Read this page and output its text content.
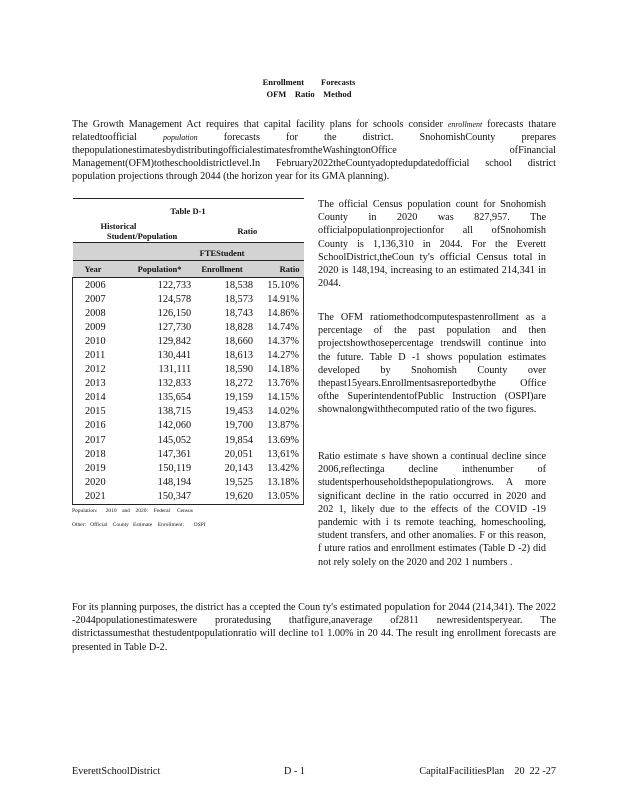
Enrollment        Forecasts
OFM    Ratio    Method

The Growth Management Act requires that capital facility plans for schools consider enrollment forecasts thatare relatedtoofficial population forecasts for the district. SnohomishCounty prepares thepopulationestimatesbydistributingofficialestimatesfromtheWashingtonOffice ofFinancial Management(OFM)totheschooldistrictlevel.In February2022theCountyadoptedupdatedofficial school district population projections through 2044 (the horizon year for its GMA planning).

Table D-1			
Historical    Student/Population		Ratio	
		FTEStudent	
Year	Population*	Enrollment	Ratio
2006	122,733	18,538	15.10%
2007	124,578	18,573	14.91%
2008	126,150	18,743	14.86%
2009	127,730	18,828	14.74%
2010	129,842	18,660	14.37%
2011	130,441	18,613	14.27%
2012	131,111	18,590	14.18%
2013	132,833	18,272	13.76%
2014	135,654	19,159	14.15%
2015	138,715	19,453	14.02%
2016	142,060	19,700	13.87%
2017	145,052	19,854	13.69%
2018	147,361	20,051	13,61%
2019	150,119	20,143	13.42%
2020	148,194	19,525	13.18%
2021	150,347	19,620	13.05%
Population:      2010    and    2020:    Federal     Census
Other:   Official    County   Estimate    Enrollment:       OSPI

The official Census population count for Snohomish County in 2020 was 827,957. The officialpopulationprojectionfor all ofSnohomish County is 1,136,310 in 2044. For the Everett SchoolDistrict,theCoun ty's official Census total in 2020 is 148,194, increasing to an estimated 214,341 in 2044.

The OFM ratiomethodcomputespastenrollment as a percentage of the past population and then projectshowthosepercentage trendswill continue into the future. Table D -1 shows population estimates developed by Snohomish County over thepast15years.Enrollmentsasreportedbythe Office ofthe SuperintendentofPublic Instruction (OSPI)are shownalongwiththecomputed ratio of the two figures.

Ratio estimate s have shown a continual decline since 2006,reflectinga decline inthenumber of studentsperhouseholdsthepopulationgrows. A more significant decline in the ratio occurred in 2020 and 202 1, likely due to the effects of the COVID -19 pandemic with i ts remote teaching, homeschooling, student transfers, and other anomalies. F or this reason, f uture ratios and enrollment estimates (Table D -2) did not rely solely on the 2020 and 202 1 numbers .

For its planning purposes, the district has a ccepted the Coun ty's estimated population for 2044 (214,341). The 2022 -2044populationestimateswere proratedusing thatfigure,anaverage of2811 newresidentsperyear. The districtassumesthat thestudentpopulationratio will decline to1 1.00% in 20 44. The result ing enrollment forecasts are presented in Table D-2.

EverettSchoolDistrict	D - 1	CapitalFacilitiesPlan    20  22 -27
